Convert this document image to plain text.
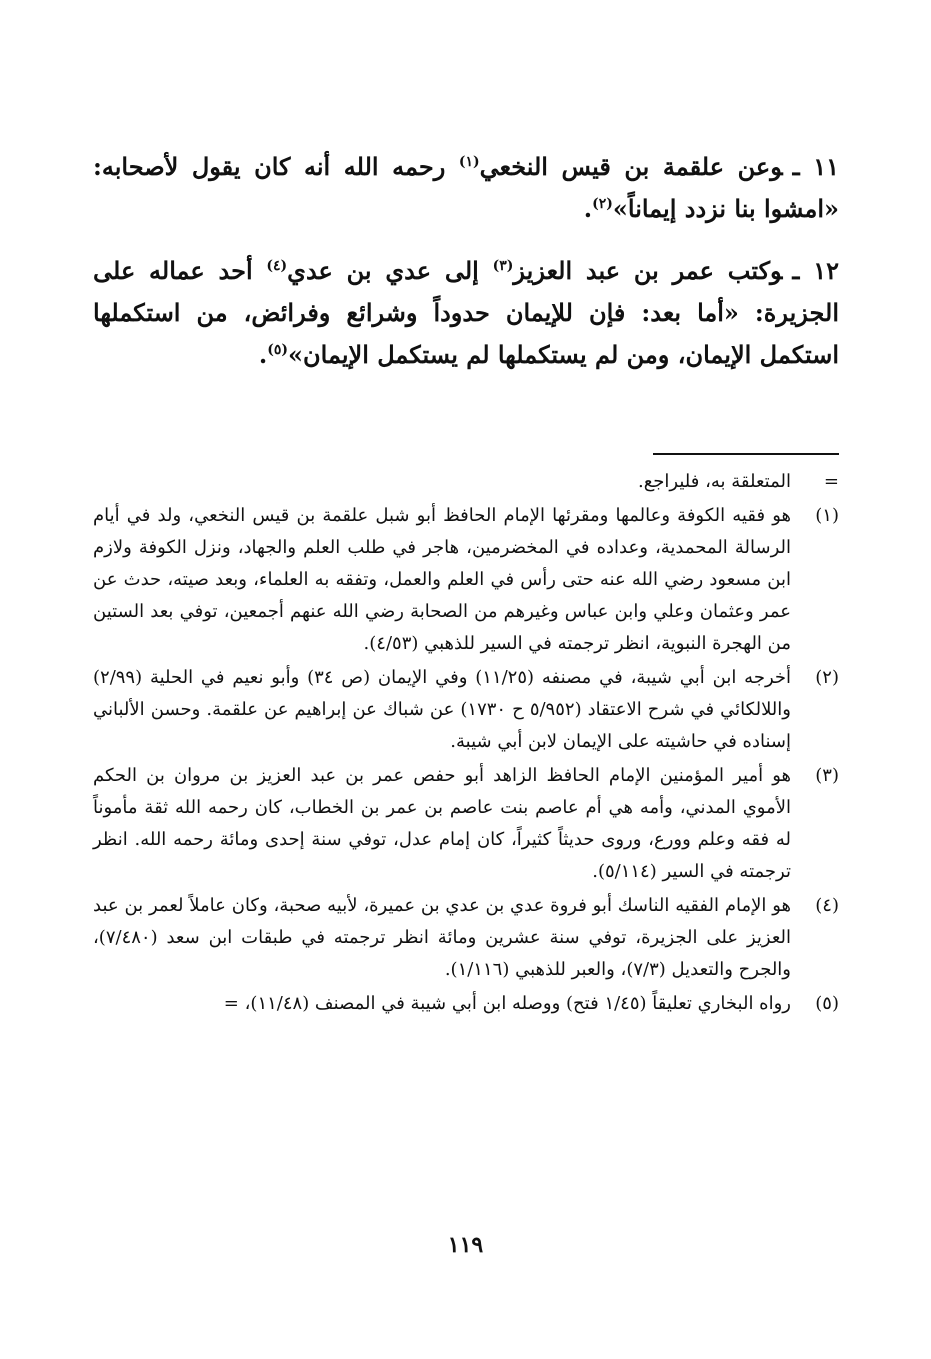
١١ ـوعن علقمة بن قيس النخعي$^{(١)}$ رحمه الله أنه كان يقول لأصحابه: «امشوا بنا نزدد إيماناً»$^{(٢)}$.

١٢ ـوكتب عمر بن عبد العزيز$^{(٣)}$ إلى عدي بن عدي$^{(٤)}$ أحد عماله على الجزيرة: «أما بعد: فإن للإيمان حدوداً وشرائع وفرائض، من استكملها استكمل الإيمان، ومن لم يستكملها لم يستكمل الإيمان»$^{(٥)}$.

=
المتعلقة به، فليراجع.
(١)
هو فقيه الكوفة وعالمها ومقرئها الإمام الحافظ أبو شبل علقمة بن قيس النخعي، ولد في أيام الرسالة المحمدية، وعداده في المخضرمين، هاجر في طلب العلم والجهاد، ونزل الكوفة ولازم ابن مسعود رضي الله عنه حتى رأس في العلم والعمل، وتفقه به العلماء، وبعد صيته، حدث عن عمر وعثمان وعلي وابن عباس وغيرهم من الصحابة رضي الله عنهم أجمعين، توفي بعد الستين من الهجرة النبوية، انظر ترجمته في السير للذهبي (٤/٥٣).
(٢)
أخرجه ابن أبي شيبة، في مصنفه (١١/٢٥) وفي الإيمان (ص ٣٤) وأبو نعيم في الحلية (٢/٩٩) واللالكائي في شرح الاعتقاد (٥/٩٥٢ ح ١٧٣٠) عن شباك عن إبراهيم عن علقمة. وحسن الألباني إسناده في حاشيته على الإيمان لابن أبي شيبة.
(٣)
هو أمير المؤمنين الإمام الحافظ الزاهد أبو حفص عمر بن عبد العزيز بن مروان بن الحكم الأموي المدني، وأمه هي أم عاصم بنت عاصم بن عمر بن الخطاب، كان رحمه الله ثقة مأموناً له فقه وعلم وورع، وروى حديثاً كثيراً، كان إمام عدل، توفي سنة إحدى ومائة رحمه الله. انظر ترجمته في السير (٥/١١٤).
(٤)
هو الإمام الفقيه الناسك أبو فروة عدي بن عدي بن عميرة، لأبيه صحبة، وكان عاملاً لعمر بن عبد العزيز على الجزيرة، توفي سنة عشرين ومائة انظر ترجمته في طبقات ابن سعد (٧/٤٨٠)، والجرح والتعديل (٧/٣)، والعبر للذهبي (١/١١٦).
(٥)
رواه البخاري تعليقاً (١/٤٥ فتح) ووصله ابن أبي شيبة في المصنف (١١/٤٨)، =
١١٩
